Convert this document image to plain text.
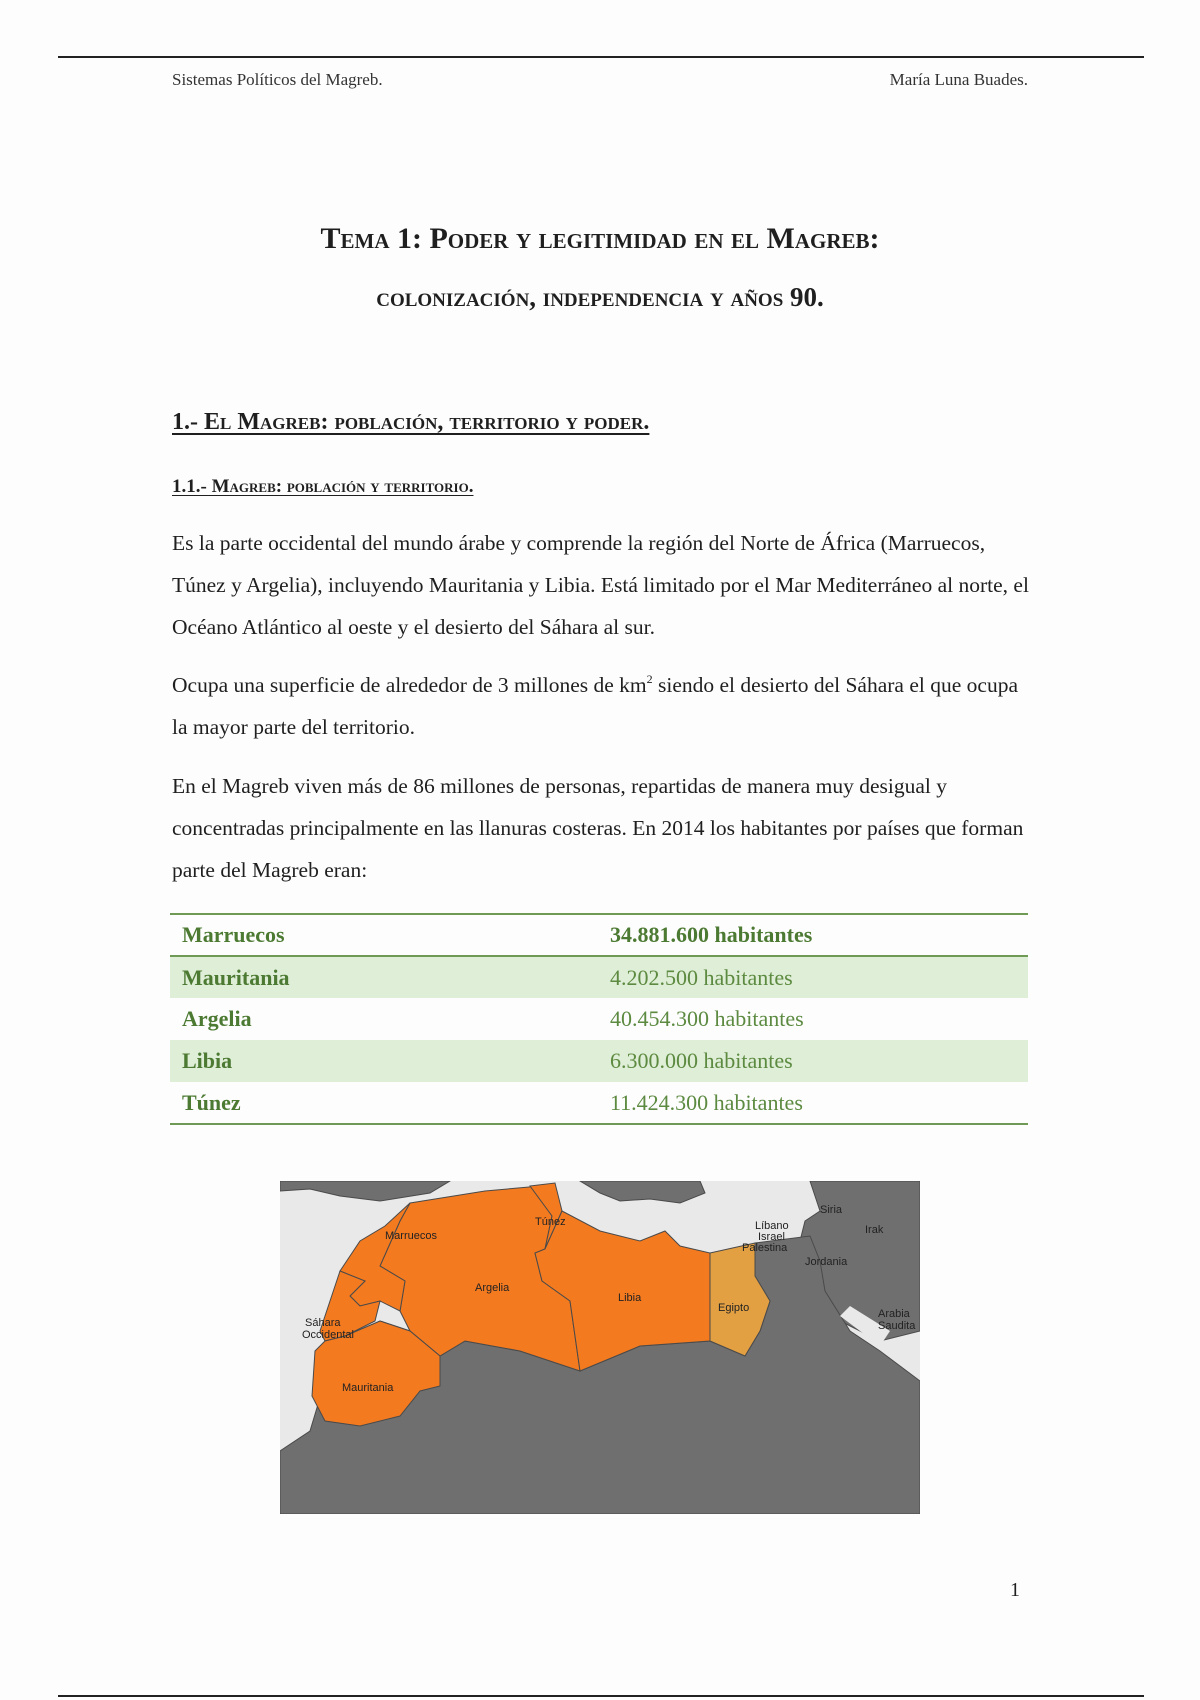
Sistemas Políticos del Magreb.	María Luna Buades.
Tema 1: Poder y legitimidad en el Magreb:
colonización, independencia y años 90.
1.- El Magreb: población, territorio y poder.
1.1.- Magreb: población y territorio.

Es la parte occidental del mundo árabe y comprende la región del Norte de África (Marruecos, Túnez y Argelia), incluyendo Mauritania y Libia. Está limitado por el Mar Mediterráneo al norte, el Océano Atlántico al oeste y el desierto del Sáhara al sur.

Ocupa una superficie de alrededor de 3 millones de $km^2$ siendo el desierto del Sáhara el que ocupa la mayor parte del territorio.

En el Magreb viven más de 86 millones de personas, repartidas de manera muy desigual y concentradas principalmente en las llanuras costeras. En 2014 los habitantes por países que forman parte del Magreb eran:

Marruecos	34.881.600 habitantes
Mauritania	4.202.500 habitantes
Argelia	40.454.300 habitantes
Libia	6.300.000 habitantes
Túnez	11.424.300 habitantes
Marruecos
Túnez
Argelia
Libia
Egipto
Sáhara
Occidental
Mauritania
Siria
Irak
Líbano
Israel
Palestina
Jordania
Arabia
Saudita
1
